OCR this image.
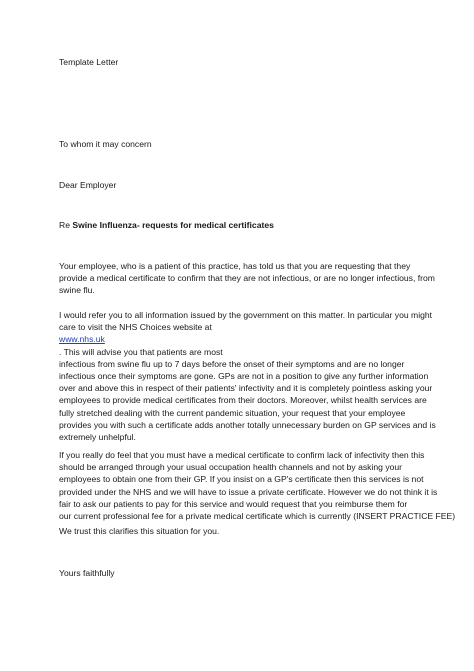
Template Letter
To whom it may concern
Dear Employer
Re Swine Influenza- requests for medical certificates
Your employee, who is a patient of this practice, has told us that you are requesting that they
provide a medical certificate to confirm that they are not infectious, or are no longer infectious, from
swine flu.
I would refer you to all information issued by the government on this matter. In particular you might
care to visit the NHS Choices website at
www.nhs.uk
. This will advise you that patients are most
infectious from swine flu up to 7 days before the onset of their symptoms and are no longer
infectious once their symptoms are gone. GPs are not in a position to give any further information
over and above this in respect of their patients' infectivity and it is completely pointless asking your
employees to provide medical certificates from their doctors. Moreover, whilst health services are
fully stretched dealing with the current pandemic situation, your request that your employee
provides you with such a certificate adds another totally unnecessary burden on GP services and is
extremely unhelpful.
If you really do feel that you must have a medical certificate to confirm lack of infectivity then this
should be arranged through your usual occupation health channels and not by asking your
employees to obtain one from their GP. If you insist on a GP's certificate then this services is not
provided under the NHS and we will have to issue a private certificate. However we do not think it is
fair to ask our patients to pay for this service and would request that you reimburse them for
our current professional fee for a private medical certificate which is currently (INSERT PRACTICE FEE)
We trust this clarifies this situation for you.
Yours faithfully
